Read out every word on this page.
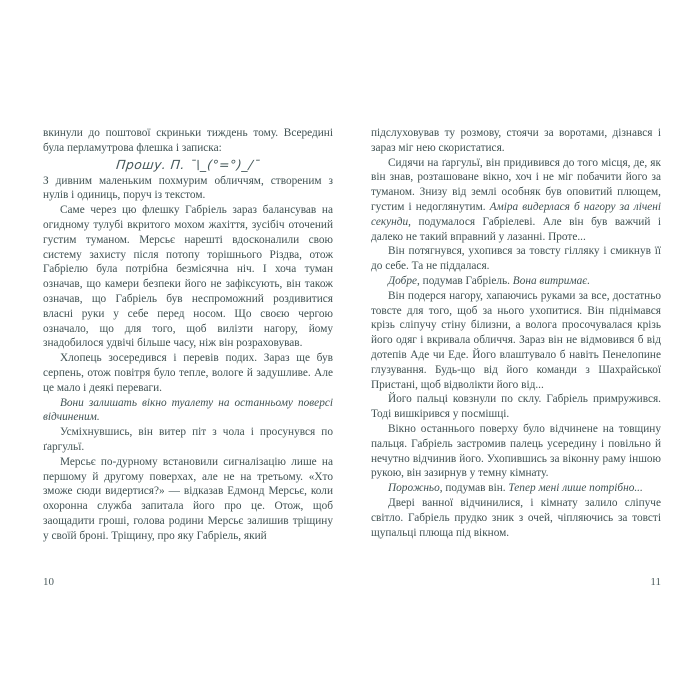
вкинули до поштової скриньки тиждень тому. Всередині була перламутрова флешка і записка:

Прошу. П. ¯\_(°=°)_/¯

З дивним маленьким похмурим обличчям, створеним з нулів і одиниць, поруч із текстом.

Саме через цю флешку Габріель зараз балансував на огидному тулубі вкритого мохом жахіття, зусібіч оточений густим туманом. Мерсьє нарешті вдосконалили свою систему захисту після потопу торішнього Різдва, отож Габріелю була потрібна безмісячна ніч. І хоча туман означав, що камери безпеки його не зафіксують, він також означав, що Габріель був неспроможний роздивитися власні руки у себе перед носом. Що своєю чергою означало, що для того, щоб вилізти нагору, йому знадобилося удвічі більше часу, ніж він розраховував.

Хлопець зосередився і перевів подих. Зараз ще був серпень, отож повітря було тепле, вологе й задушливе. Але це мало і деякі переваги.

Вони залишать вікно туалету на останньому поверсі відчиненим.

Усміхнувшись, він витер піт з чола і просунувся по ґаргульї.

Мерсьє по-дурному встановили сигналізацію лише на першому й другому поверхах, але не на третьому. «Хто зможе сюди видертися?» — відказав Едмонд Мерсьє, коли охоронна служба запитала його про це. Отож, щоб заощадити гроші, голова родини Мерсьє залишив тріщину у своїй броні. Тріщину, про яку Габріель, який

10

підслуховував ту розмову, стоячи за воротами, дізнався і зараз міг нею скористатися.

Сидячи на ґаргульї, він придивився до того місця, де, як він знав, розташоване вікно, хоч і не міг побачити його за туманом. Знизу від землі особняк був оповитий плющем, густим і недоглянутим. Аміра видерлася б нагору за лічені секунди, подумалося Габріелеві. Але він був важчий і далеко не такий вправний у лазанні. Проте...

Він потягнувся, ухопився за товсту гілляку і смикнув її до себе. Та не піддалася.

Добре, подумав Габріель. Вона витримає.

Він подерся нагору, хапаючись руками за все, достатньо товсте для того, щоб за нього ухопитися. Він піднімався крізь сліпучу стіну білизни, а волога просочувалася крізь його одяг і вкривала обличчя. Зараз він не відмовився б від дотепів Аде чи Еде. Його влаштувало б навіть Пенелопине глузування. Будь-що від його команди з Шахрайської Пристані, щоб відволікти його від...

Його пальці ковзнули по склу. Габріель примружився. Тоді вишкірився у посмішці.

Вікно останнього поверху було відчинене на товщину пальця. Габріель застромив палець усередину і повільно й нечутно відчинив його. Ухопившись за віконну раму іншою рукою, він зазирнув у темну кімнату.

Порожньо, подумав він. Тепер мені лише потрібно...

Двері ванної відчинилися, і кімнату залило сліпуче світло. Габріель прудко зник з очей, чіпляючись за товсті щупальці плюща під вікном.

11
